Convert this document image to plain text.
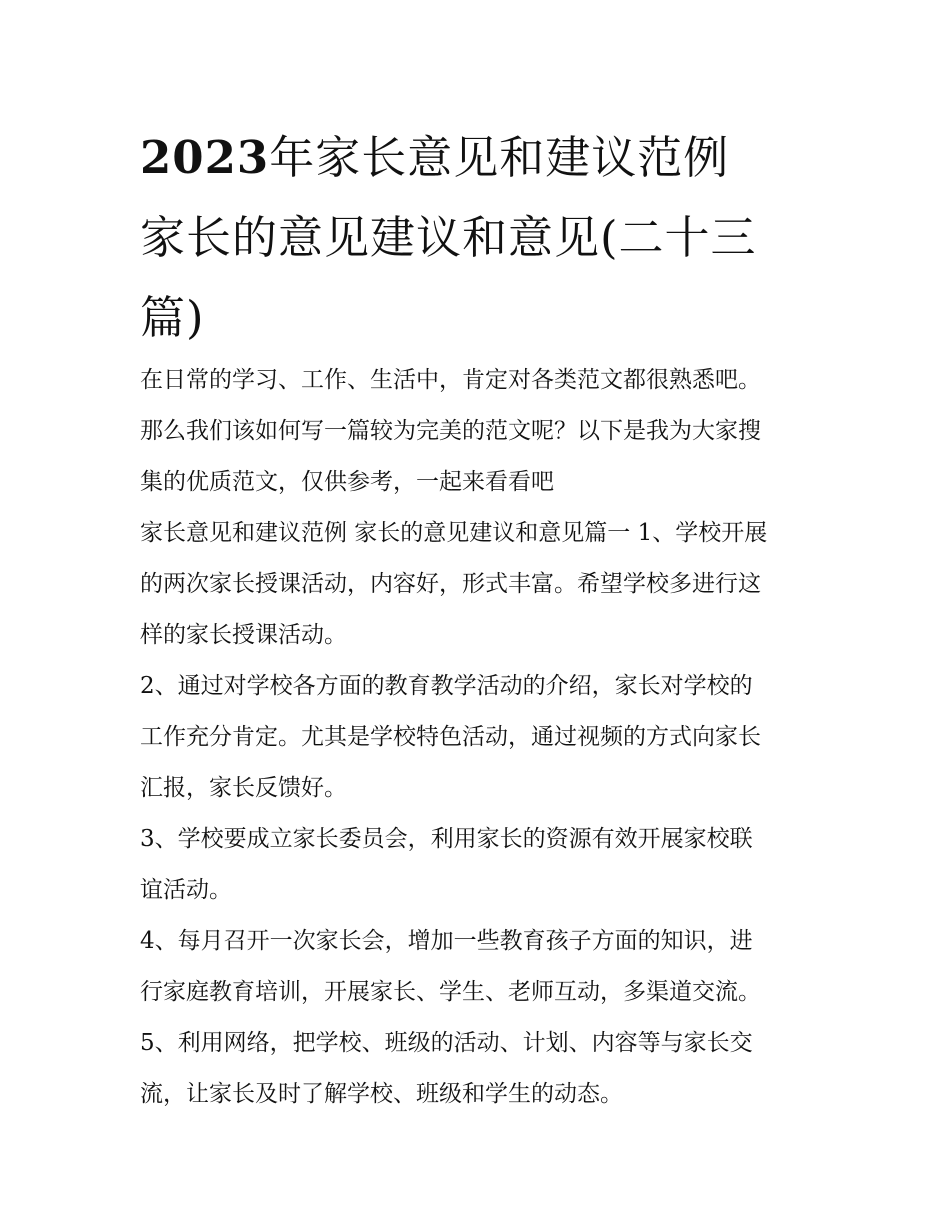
2023年家长意见和建议范例
家长的意见建议和意见(二十三
篇)
在日常的学习、工作、生活中，肯定对各类范文都很熟悉吧。
那么我们该如何写一篇较为完美的范文呢？以下是我为大家搜
集的优质范文，仅供参考，一起来看看吧
家长意见和建议范例 家长的意见建议和意见篇一 1、学校开展
的两次家长授课活动，内容好，形式丰富。希望学校多进行这
样的家长授课活动。
2、通过对学校各方面的教育教学活动的介绍，家长对学校的
工作充分肯定。尤其是学校特色活动，通过视频的方式向家长
汇报，家长反馈好。
3、学校要成立家长委员会，利用家长的资源有效开展家校联
谊活动。
4、每月召开一次家长会，增加一些教育孩子方面的知识，进
行家庭教育培训，开展家长、学生、老师互动，多渠道交流。
5、利用网络，把学校、班级的活动、计划、内容等与家长交
流，让家长及时了解学校、班级和学生的动态。
